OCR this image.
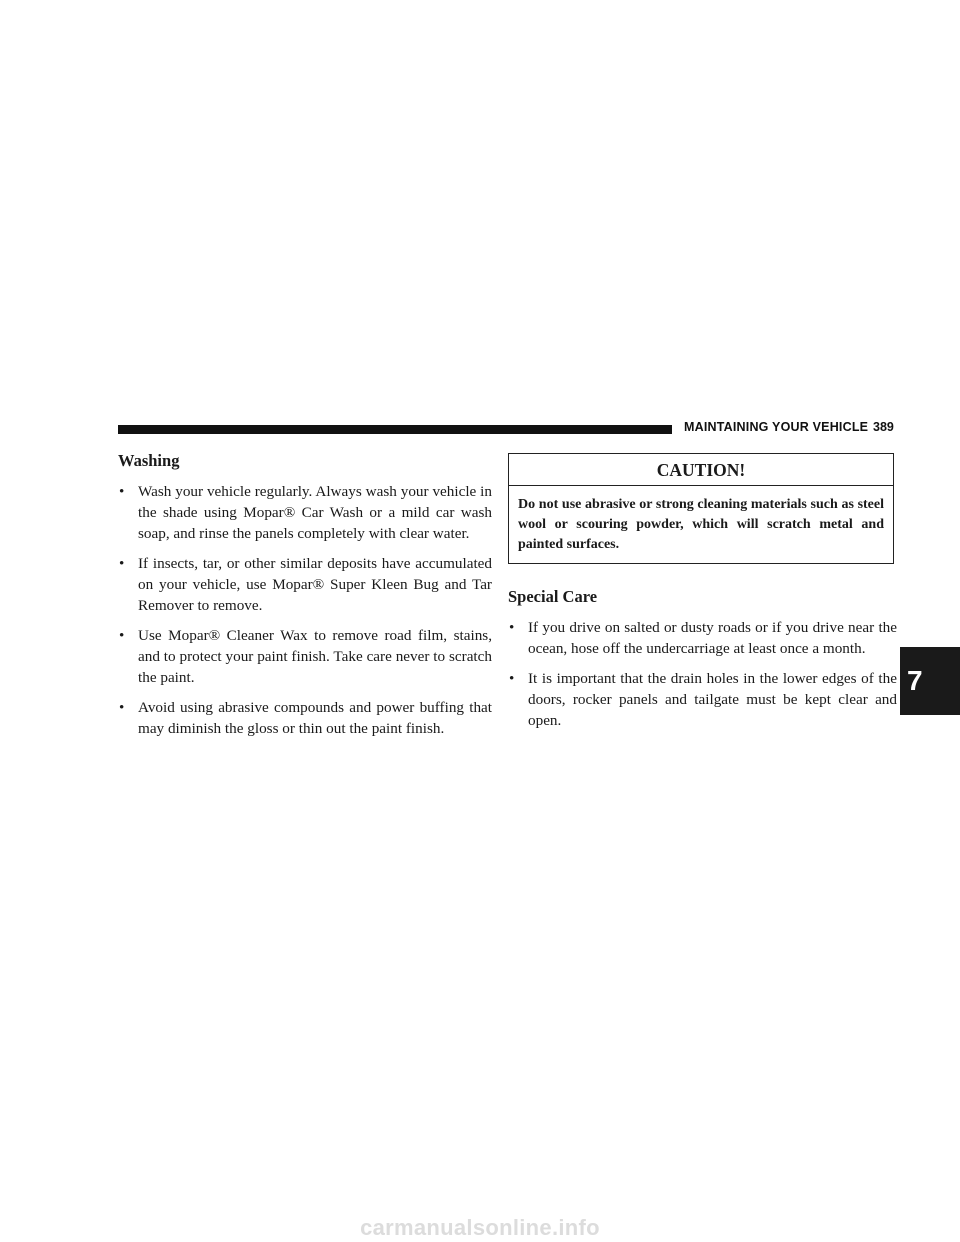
MAINTAINING YOUR VEHICLE 389
Washing
• Wash your vehicle regularly. Always wash your vehicle in the shade using Mopar® Car Wash or a mild car wash soap, and rinse the panels completely with clear water.
• If insects, tar, or other similar deposits have accumulated on your vehicle, use Mopar® Super Kleen Bug and Tar Remover to remove.
• Use Mopar® Cleaner Wax to remove road film, stains, and to protect your paint finish. Take care never to scratch the paint.
• Avoid using abrasive compounds and power buffing that may diminish the gloss or thin out the paint finish.
CAUTION!
Do not use abrasive or strong cleaning materials such as steel wool or scouring powder, which will scratch metal and painted surfaces.
Special Care
• If you drive on salted or dusty roads or if you drive near the ocean, hose off the undercarriage at least once a month.
• It is important that the drain holes in the lower edges of the doors, rocker panels and tailgate must be kept clear and open.
7
carmanualsonline.info
